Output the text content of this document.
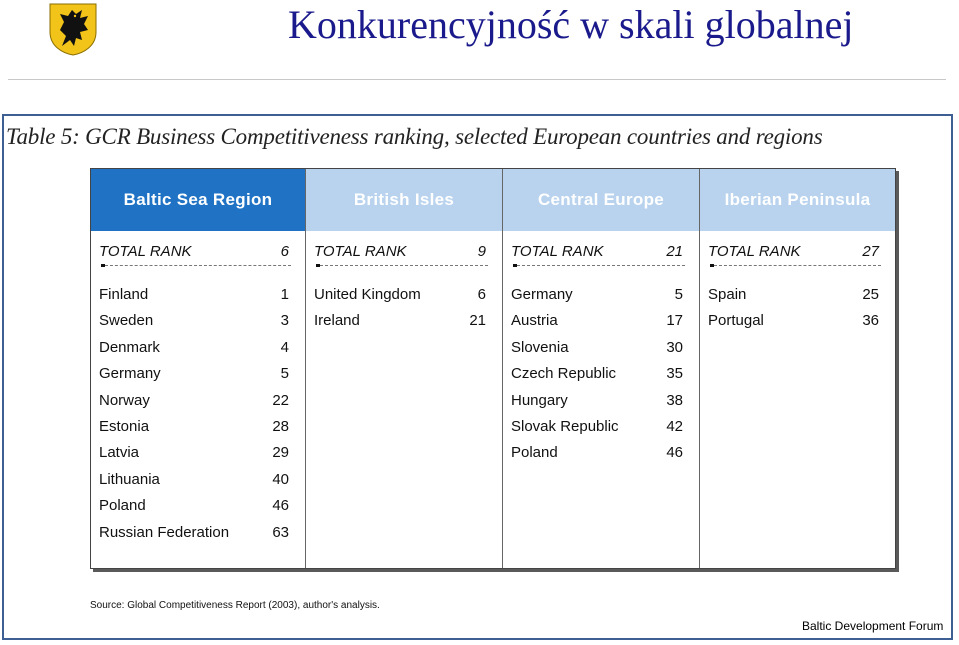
Konkurencyjność w skali globalnej
Table 5: GCR Business Competitiveness ranking, selected European countries and regions
Baltic Sea Region
TOTAL RANK	6
Finland	1
Sweden	3
Denmark	4
Germany	5
Norway	22
Estonia	28
Latvia	29
Lithuania	40
Poland	46
Russian Federation	63
British Isles
TOTAL RANK	9
United Kingdom	6
Ireland	21
Central Europe
TOTAL RANK	21
Germany	5
Austria	17
Slovenia	30
Czech Republic	35
Hungary	38
Slovak Republic	42
Poland	46
Iberian Peninsula
TOTAL RANK	27
Spain	25
Portugal	36
Source: Global Competitiveness Report (2003), author's analysis.
Baltic Development Forum
